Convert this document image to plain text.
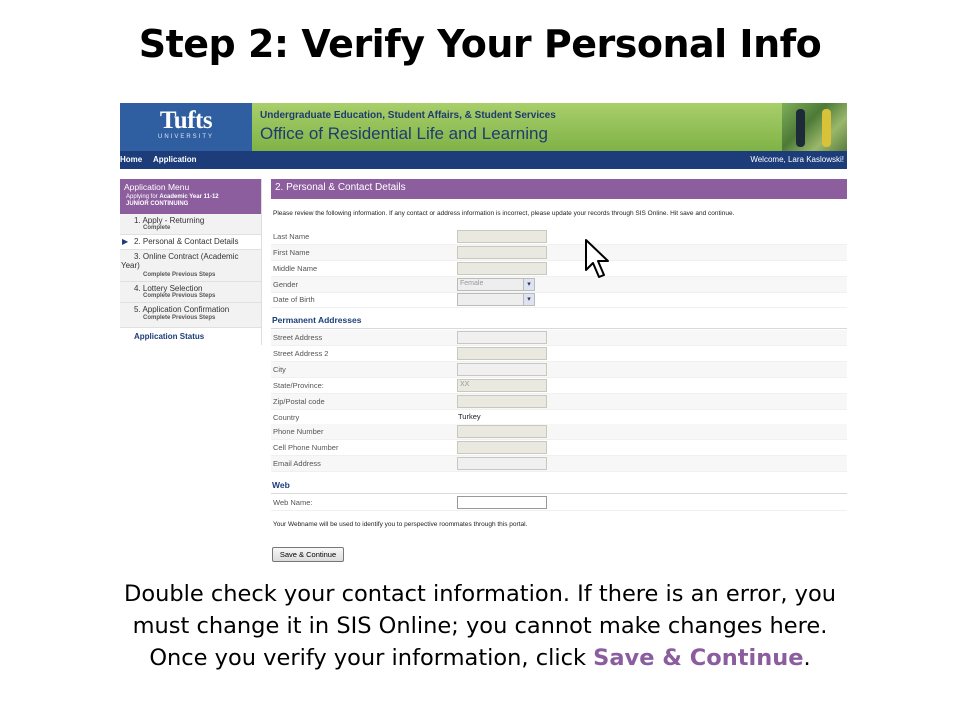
Step 2: Verify Your Personal Info
Tufts
UNIVERSITY
Undergraduate Education, Student Affairs, & Student Services
Office of Residential Life and Learning
Home Application	Welcome, Lara Kaslowski!
Application Menu
Applying for Academic Year 11-12
JUNIOR CONTINUING
1. Apply - Returning
Complete
▶ 2. Personal & Contact Details
3. Online Contract (Academic
Year)
Complete Previous Steps
4. Lottery Selection
Complete Previous Steps
5. Application Confirmation
Complete Previous Steps
Application Status
2. Personal & Contact Details
Please review the following information. If any contact or address information is incorrect, please update your records through SIS Online. Hit save and continue.
Last Name
First Name
Middle Name
Gender	Female	▾
Date of Birth	▾
Permanent Addresses
Street Address
Street Address 2
City
State/Province:	XX
Zip/Postal code
Country	Turkey
Phone Number
Cell Phone Number
Email Address
Web
Web Name:
Your Webname will be used to identify you to perspective roommates through this portal.
Save & Continue
Double check your contact information. If there is an error, you
must change it in SIS Online; you cannot make changes here.
Once you verify your information, click Save & Continue.
